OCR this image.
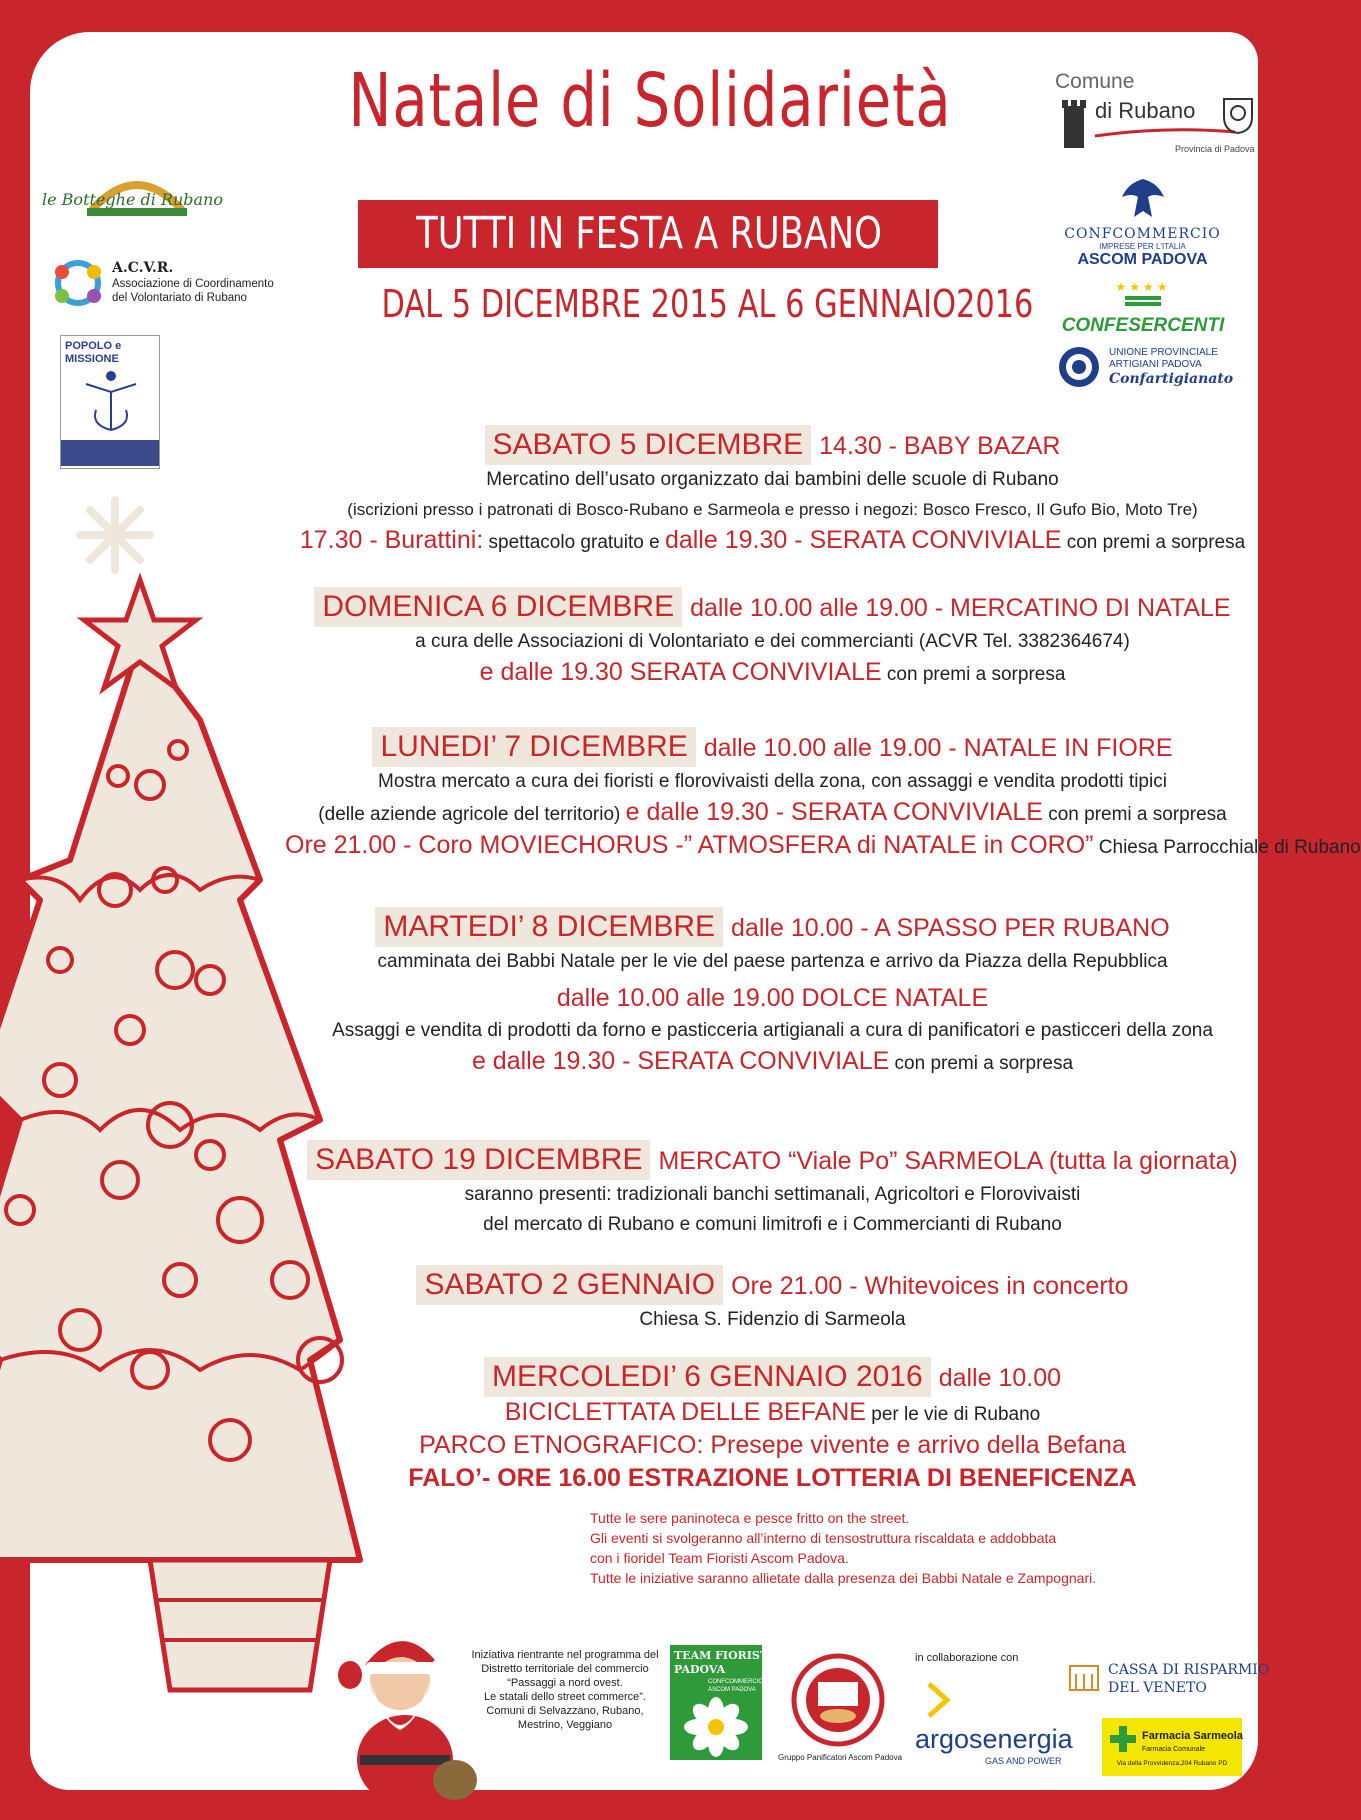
Natale di Solidarietà
TUTTI IN FESTA A RUBANO
DAL 5 DICEMBRE 2015 AL 6 GENNAIO2016
le Botteghe di Rubano
A.C.V.R.
Associazione di Coordinamento
del Volontariato di Rubano
POPOLO e
MISSIONE
Comune
di Rubano
Provincia di Padova
CONFCOMMERCIO
IMPRESE PER L'ITALIA
ASCOM PADOVA
★★★★
CONFESERCENTI
UNIONE PROVINCIALE
ARTIGIANI PADOVA
Confartigianato
SABATO 5 DICEMBRE 14.30 - BABY BAZAR
Mercatino dell’usato organizzato dai bambini delle scuole di Rubano
(iscrizioni presso i patronati di Bosco-Rubano e Sarmeola e presso i negozi: Bosco Fresco, Il Gufo Bio, Moto Tre)
17.30 - Burattini: spettacolo gratuito e dalle 19.30 - SERATA CONVIVIALE con premi a sorpresa
DOMENICA 6 DICEMBRE dalle 10.00 alle 19.00 - MERCATINO DI NATALE
a cura delle Associazioni di Volontariato e dei commercianti (ACVR Tel. 3382364674)
e dalle 19.30 SERATA CONVIVIALE con premi a sorpresa
LUNEDI’ 7 DICEMBRE dalle 10.00 alle 19.00 - NATALE IN FIORE
Mostra mercato a cura dei fioristi e florovivaisti della zona, con assaggi e vendita prodotti tipici
(delle aziende agricole del territorio) e dalle 19.30 - SERATA CONVIVIALE con premi a sorpresa
Ore 21.00 - Coro MOVIECHORUS -” ATMOSFERA di NATALE in CORO” Chiesa Parrocchiale di Rubano
MARTEDI’ 8 DICEMBRE dalle 10.00 - A SPASSO PER RUBANO
camminata dei Babbi Natale per le vie del paese partenza e arrivo da Piazza della Repubblica
dalle 10.00 alle 19.00 DOLCE NATALE
Assaggi e vendita di prodotti da forno e pasticceria artigianali a cura di panificatori e pasticceri della zona
e dalle 19.30 - SERATA CONVIVIALE con premi a sorpresa
SABATO 19 DICEMBRE MERCATO “Viale Po” SARMEOLA (tutta la giornata)
saranno presenti: tradizionali banchi settimanali, Agricoltori e Florovivaisti
del mercato di Rubano e comuni limitrofi e i Commercianti di Rubano
SABATO 2 GENNAIO Ore 21.00 - Whitevoices in concerto
Chiesa S. Fidenzio di Sarmeola
MERCOLEDI’ 6 GENNAIO 2016 dalle 10.00
BICICLETTATA DELLE BEFANE per le vie di Rubano
PARCO ETNOGRAFICO: Presepe vivente e arrivo della Befana
FALO’- ORE 16.00 ESTRAZIONE LOTTERIA DI BENEFICENZA
Tutte le sere paninoteca e pesce fritto on the street.
Gli eventi si svolgeranno all’interno di tensostruttura riscaldata e addobbata
con i fioridel Team Fioristi Ascom Padova.
Tutte le iniziative saranno allietate dalla presenza dei Babbi Natale e Zampognari.
Iniziativa rientrante nel programma del
Distretto territoriale del commercio
“Passaggi a nord ovest.
Le statali dello street commerce”.
Comuni di Selvazzano, Rubano,
Mestrino, Veggiano
TEAM FIORISTI
PADOVA
CONFCOMMERCIO
ASCOM PADOVA
Gruppo Panificatori Ascom Padova
in collaborazione con
argosenergia
GAS AND POWER
CASSA DI RISPARMIO
DEL VENETO
Farmacia Sarmeola
Farmacia Comunale
Via della Provvidenza,204 Rubano PD
